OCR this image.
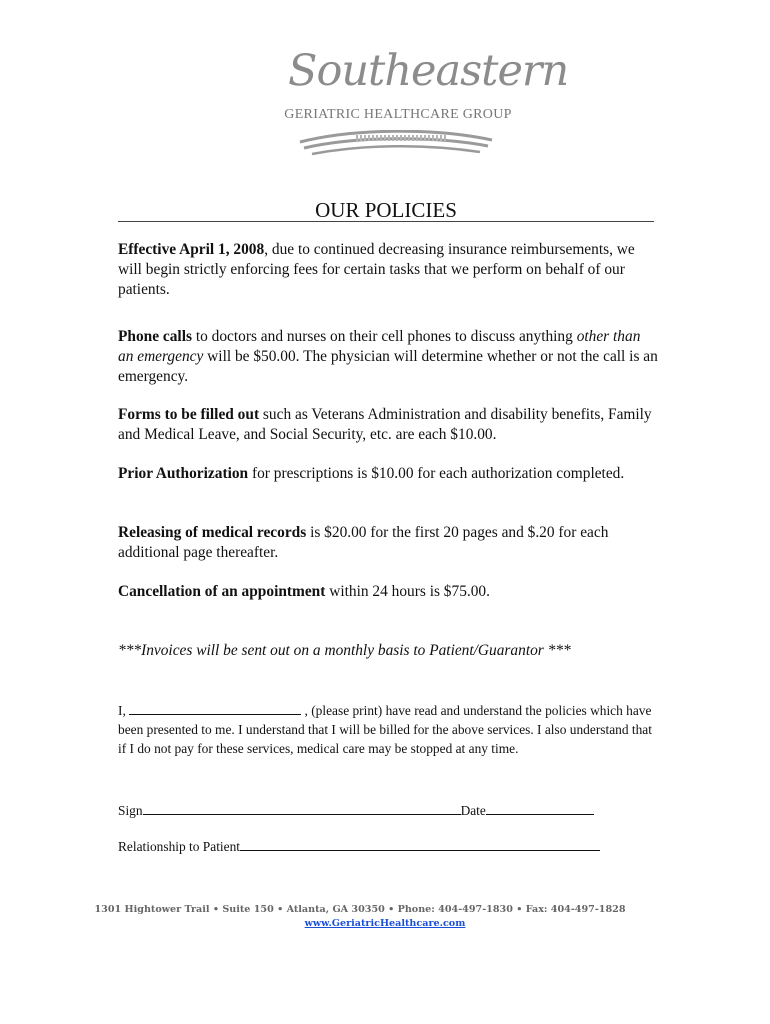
Southeastern
GERIATRIC HEALTHCARE GROUP
OUR POLICIES

Effective April 1, 2008, due to continued decreasing insurance reimbursements, we will begin strictly enforcing fees for certain tasks that we perform on behalf of our patients.

Phone calls to doctors and nurses on their cell phones to discuss anything other than an emergency will be $50.00. The physician will determine whether or not the call is an emergency.

Forms to be filled out such as Veterans Administration and disability benefits, Family and Medical Leave, and Social Security, etc. are each $10.00.

Prior Authorization for prescriptions is $10.00 for each authorization completed.

Releasing of medical records is $20.00 for the first 20 pages and $.20 for each additional page thereafter.

Cancellation of an appointment within 24 hours is $75.00.

***Invoices will be sent out on a monthly basis to Patient/Guarantor ***
I,	, (please print) have read and understand the policies which have been presented to me. I understand that I will be billed for the above services. I also understand that if I do not pay for these services, medical care may be stopped at any time.
Sign	Date
Relationship to Patient
1301 Hightower Trail • Suite 150 • Atlanta, GA 30350 • Phone: 404-497-1830 • Fax: 404-497-1828
www.GeriatricHealthcare.com
